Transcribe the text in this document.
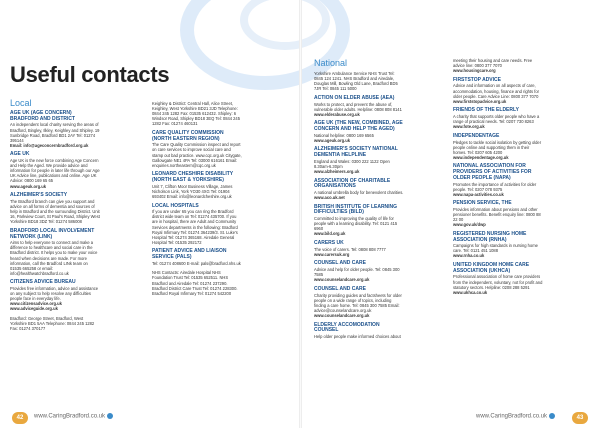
Useful contacts
Local
AGE UK (AGE CONCERN) BRADFORD AND DISTRICT
An independent local charity serving the areas of Bradford, Bingley, Ilkley, Keighley and Shipley. 19 Sunbridge Road, Bradford BD1 2AY Tel: 01274 395144
Email: info@ageconcernbradford.org.uk
AGE UK
Age UK is the new force combining Age Concern and Help the Aged. We provide advice and information for people in later life through our Age UK Advice line, publications and online. Age UK Advice: 0800 169 65 65
www.ageuk.org.uk
ALZHEIMER'S SOCIETY
The Bradford branch can give you support and advice on all forms of dementia and sources of help in Bradford and the surrounding District. Unit 16, Parkview Court, St Paul's Road, Shipley West Yorkshire BD18 3DZ Tel: 01274 586008
BRADFORD LOCAL INVOLVEMENT NETWORK (LINK)
Aims to help everyone to connect and make a difference to healthcare and social care in the Bradford district. It helps you to make your voice heard when decisions are made. For more information, call the Bradford LINk team on 01535 665258 or email: info@healthwatchbradford.co.uk
CITIZENS ADVICE BUREAU
Provides free information, advice and assistance on any subject to help resolve any difficulties people face in everyday life.
www.citizensadvice.org.uk www.adviceguide.org.uk
Bradford: George Street, Bradford, West Yorkshire BD1 5AA Telephone: 0844 245 1282 Fax: 01274 370177
Keighley & District: Central Hall, Alice Street, Keighley, West Yorkshire BD21 3JD Telephone: 0844 245 1282 Fax: 01535 612432. Shipley: 6 Windsor Road, Shipley BD18 3EQ Tel: 0844 245 1282 Fax: 01274 460131
CARE QUALITY COMMISSION (NORTH EASTERN REGION)
The Care Quality Commission inspect and report on care services to improve social care and stamp out bad practice. www.cqc.org.uk Citygate, Gallowgate NE1 4PA Tel: 03000 616161 Email: enquiries.northeastern@cqc.org.uk
LEONARD CHESHIRE DISABILITY (NORTH EAST & YORKSHIRE)
Unit 7, Clifton Moor Business Village, James Nicholson Link, York YO30 4XG Tel: 01904 693402 Email: info@leonardcheshire.org.uk
LOCAL HOSPITALS
If you are under 65 you can ring the Bradford district wide team on Tel: 01274 435700. If you are in hospital, there are Adult and Community Services departments in the following: Bradford Royal Infirmary Tel: 01274 364239/3. St. Luke's Hospital Tel: 01274 365168. Airedale General Hospital Tel: 01535 292172
PATIENT ADVICE AND LIAISON SERVICE (PALS)
Tel: 01274 408600 E-mail: pals@bradford.nhs.uk
NHS Contacts: Airedale Hospital NHS Foundation Trust Tel: 01535 652511. NHS Bradford and Airedale Tel: 01274 237290. Bradford District Care Trust Tel: 01274 228300. Bradford Royal Infirmary Tel: 01274 542200
National
Yorkshire Ambulance Service NHS Trust Tel: 0845 124 1241. NHS Bradford and Airedale, Douglas Mill, Bowling Old Lane, Bradford BD5 7JR Tel: 0845 111 5000
ACTION ON ELDER ABUSE (AEA)
Works to protect, and prevent the abuse of, vulnerable older adults. Helpline: 0808 808 8141
www.elderabuse.org.uk
AGE UK (THE NEW, COMBINED, AGE CONCERN AND HELP THE AGED)
National helpline: 0800 169 6565
www.ageuk.org.uk
ALZHEIMER'S SOCIETY NATIONAL DEMENTIA HELPLINE
England and Wales: 0300 222 1122 Open 8.30am-6.30pm
www.alzheimers.org.uk
ASSOCIATION OF CHARITABLE ORGANISATIONS
A national umbrella body for benevolent charities.
www.aco.uk.net
BRITISH INSTITUTE OF LEARNING DIFFICULTIES (BILD)
Committed to improving the quality of life for people with a learning disability. Tel: 0121 415 6960
www.bild.org.uk
CARERS UK
The voice of carers. Tel: 0808 808 7777
www.carersuk.org
COUNSEL AND CARE
Advice and help for older people. Tel: 0845 300 7585
www.counselandcare.org.uk
COUNSEL AND CARE
Charity providing guides and factsheets for older people on a wide range of topics, including finding a care home. Tel: 0845 300 7585 Email: advice@counselandcare.org.uk
www.counselandcare.org.uk
ELDERLY ACCOMODATION COUNSEL
Help older people make informed choices about
meeting their housing and care needs. Free advice line: 0800 377 7070
www.housingcare.org
FIRSTSTOP ADVICE
Advice and information on all aspects of care, accommodation, housing, finance and rights for older people. Care Advice Line: 0800 377 7070
www.firststopadvice.org.uk
FRIENDS OF THE ELDERLY
A charity that supports older people who have a range of practical needs. Tel: 0207 730 8263
www.fote.org.uk
INDEPENDENTAGE
Pledges to tackle social isolation by getting older people online and supporting them in their homes. Tel: 0207 605 4200
www.independentage.org.uk
NATIONAL ASSOCIATION FOR PROVIDERS OF ACTIVITIES FOR OLDER PEOPLE (NAPA)
Promotes the importance of activities for older people. Tel: 0207 078 9375
www.napa-activities.co.uk
PENSION SERVICE, THE
Provides information about pensions and other pensioner benefits. Benefit enquiry line: 0800 88 22 00
www.gov.uk/dwp
REGISTERED NURSING HOME ASSOCIATION (RNHA)
Campaigns for high standards in nursing home care. Tel: 0121 451 1088
www.rnha.co.uk
UNITED KINGDOM HOME CARE ASSOCIATION (UKHCA)
Professional association of home care providers from the independent, voluntary, not for profit and statutory sectors. Helpline: 0208 288 5291
www.ukhca.co.uk
42	www.CaringBradford.co.uk	www.CaringBradford.co.uk	43
